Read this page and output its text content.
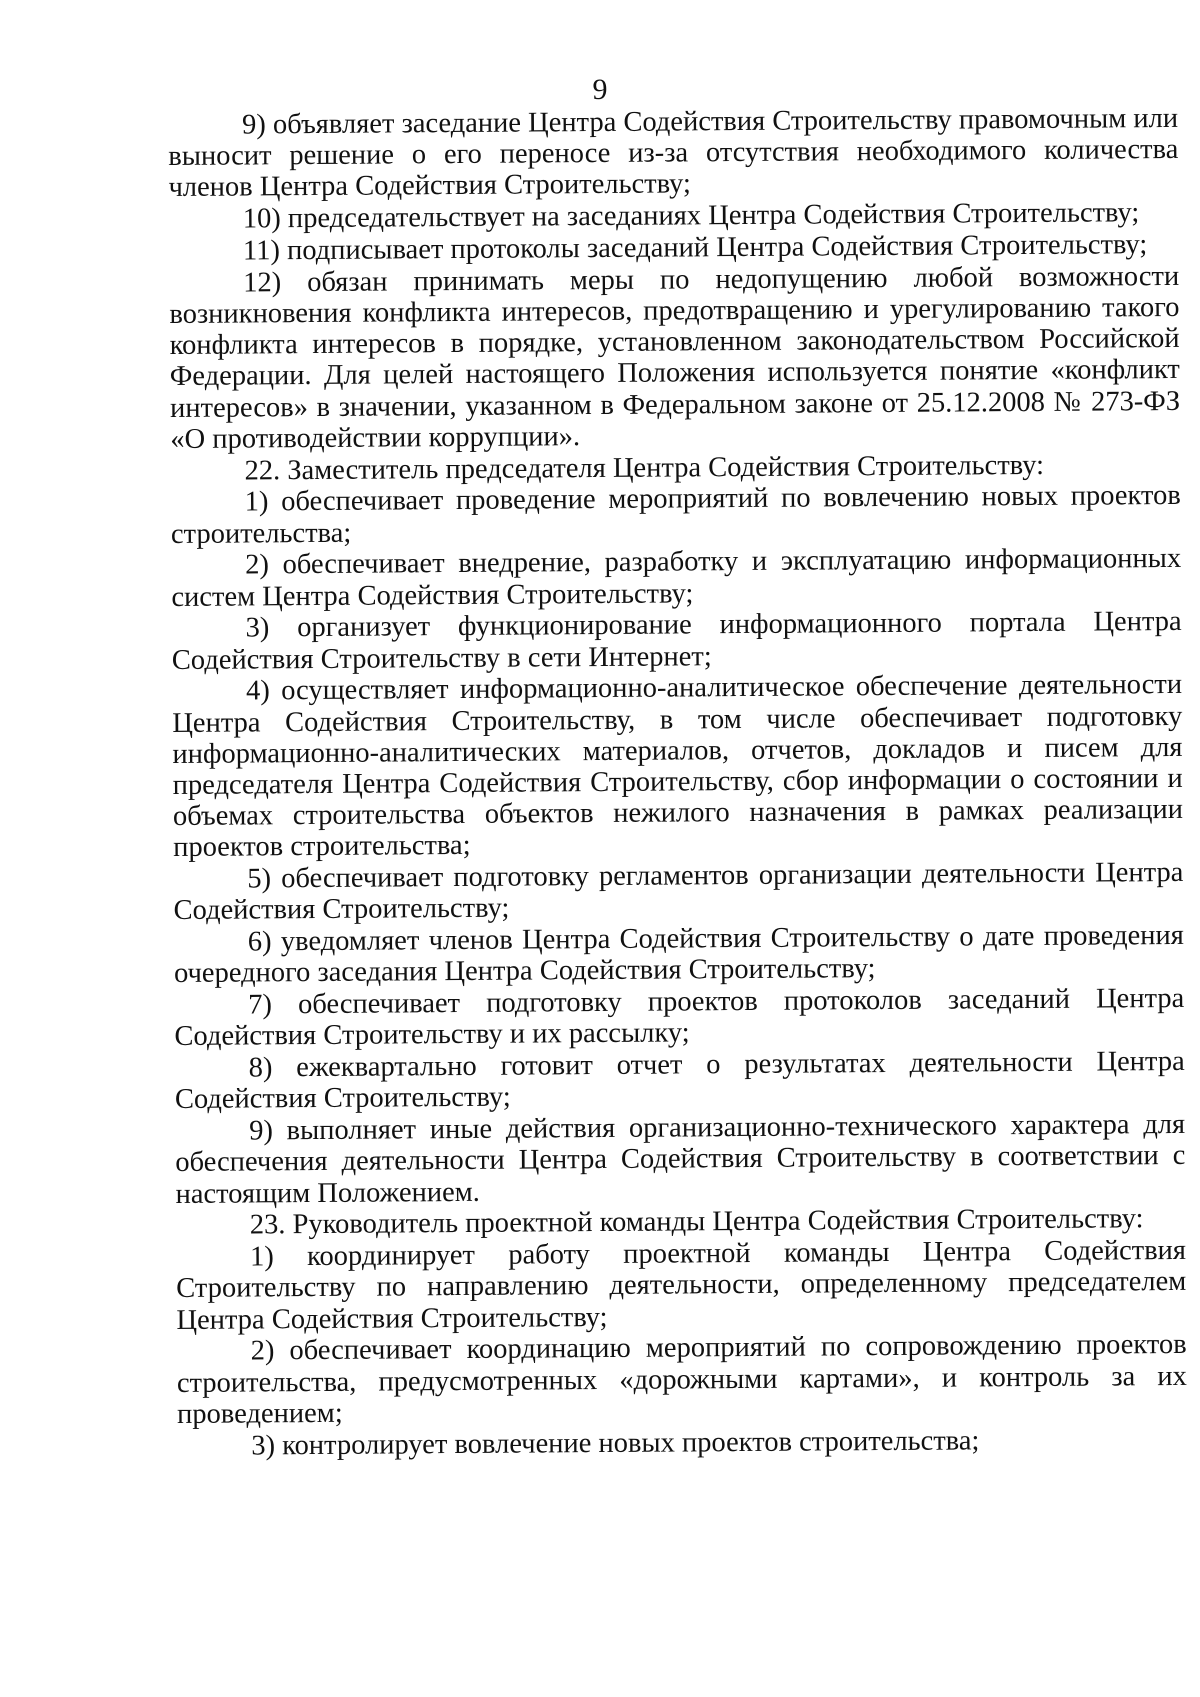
9

9) объявляет заседание Центра Содействия Строительству правомочным или выносит решение о его переносе из-за отсутствия необходимого количества членов Центра Содействия Строительству;

10) председательствует на заседаниях Центра Содействия Строительству;

11) подписывает протоколы заседаний Центра Содействия Строительству;

12) обязан принимать меры по недопущению любой возможности возникновения конфликта интересов, предотвращению и урегулированию такого конфликта интересов в порядке, установленном законодательством Российской Федерации. Для целей настоящего Положения используется понятие «конфликт интересов» в значении, указанном в Федеральном законе от 25.12.2008 № 273-ФЗ «О противодействии коррупции».

22. Заместитель председателя Центра Содействия Строительству:

1) обеспечивает проведение мероприятий по вовлечению новых проектов строительства;

2) обеспечивает внедрение, разработку и эксплуатацию информационных систем Центра Содействия Строительству;

3) организует функционирование информационного портала Центра Содействия Строительству в сети Интернет;

4) осуществляет информационно-аналитическое обеспечение деятельности Центра Содействия Строительству, в том числе обеспечивает подготовку информационно-аналитических материалов, отчетов, докладов и писем для председателя Центра Содействия Строительству, сбор информации о состоянии и объемах строительства объектов нежилого назначения в рамках реализации проектов строительства;

5) обеспечивает подготовку регламентов организации деятельности Центра Содействия Строительству;

6) уведомляет членов Центра Содействия Строительству о дате проведения очередного заседания Центра Содействия Строительству;

7) обеспечивает подготовку проектов протоколов заседаний Центра Содействия Строительству и их рассылку;

8) ежеквартально готовит отчет о результатах деятельности Центра Содействия Строительству;

9) выполняет иные действия организационно-технического характера для обеспечения деятельности Центра Содействия Строительству в соответствии с настоящим Положением.

23. Руководитель проектной команды Центра Содействия Строительству:

1) координирует работу проектной команды Центра Содействия Строительству по направлению деятельности, определенному председателем Центра Содействия Строительству;

2) обеспечивает координацию мероприятий по сопровождению проектов строительства, предусмотренных «дорожными картами», и контроль за их проведением;

3) контролирует вовлечение новых проектов строительства;
